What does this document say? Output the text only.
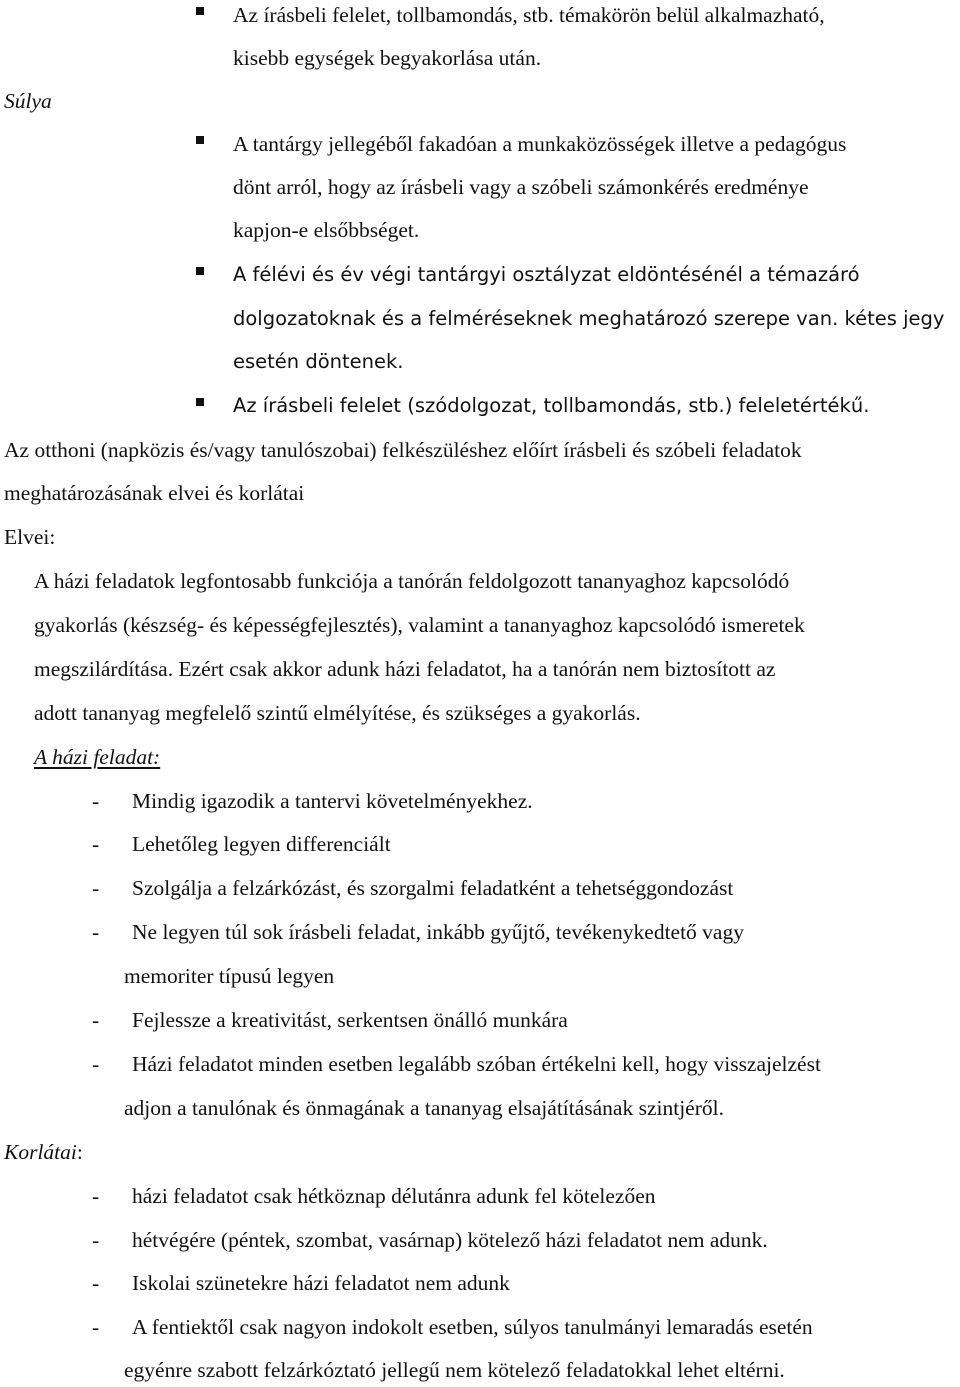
Az írásbeli felelet, tollbamondás, stb. témakörön belül alkalmazható,
kisebb egységek begyakorlása után.
Súlya
A tantárgy jellegéből fakadóan a munkaközösségek illetve a pedagógus
dönt arról, hogy az írásbeli vagy a szóbeli számonkérés eredménye
kapjon-e elsőbbséget.
A félévi és év végi tantárgyi osztályzat eldöntésénél a témazáró
dolgozatoknak és a felméréseknek meghatározó szerepe van. kétes jegy
esetén döntenek.
Az írásbeli felelet (szódolgozat, tollbamondás, stb.) feleletértékű.
Az otthoni (napközis és/vagy tanulószobai) felkészüléshez előírt írásbeli és szóbeli feladatok
meghatározásának elvei és korlátai
Elvei:
A házi feladatok legfontosabb funkciója a tanórán feldolgozott tananyaghoz kapcsolódó
gyakorlás (készség- és képességfejlesztés), valamint a tananyaghoz kapcsolódó ismeretek
megszilárdítása. Ezért csak akkor adunk házi feladatot, ha a tanórán nem biztosított az
adott tananyag megfelelő szintű elmélyítése, és szükséges a gyakorlás.
A házi feladat:
- Mindig igazodik a tantervi követelményekhez.
- Lehetőleg legyen differenciált
- Szolgálja a felzárkózást, és szorgalmi feladatként a tehetséggondozást
- Ne legyen túl sok írásbeli feladat, inkább gyűjtő, tevékenykedtető vagy
memoriter típusú legyen
- Fejlessze a kreativitást, serkentsen önálló munkára
- Házi feladatot minden esetben legalább szóban értékelni kell, hogy visszajelzést
adjon a tanulónak és önmagának a tananyag elsajátításának szintjéről.
Korlátai:
- házi feladatot csak hétköznap délutánra adunk fel kötelezően
- hétvégére (péntek, szombat, vasárnap) kötelező házi feladatot nem adunk.
- Iskolai szünetekre házi feladatot nem adunk
- A fentiektől csak nagyon indokolt esetben, súlyos tanulmányi lemaradás esetén
egyénre szabott felzárkóztató jellegű nem kötelező feladatokkal lehet eltérni.
